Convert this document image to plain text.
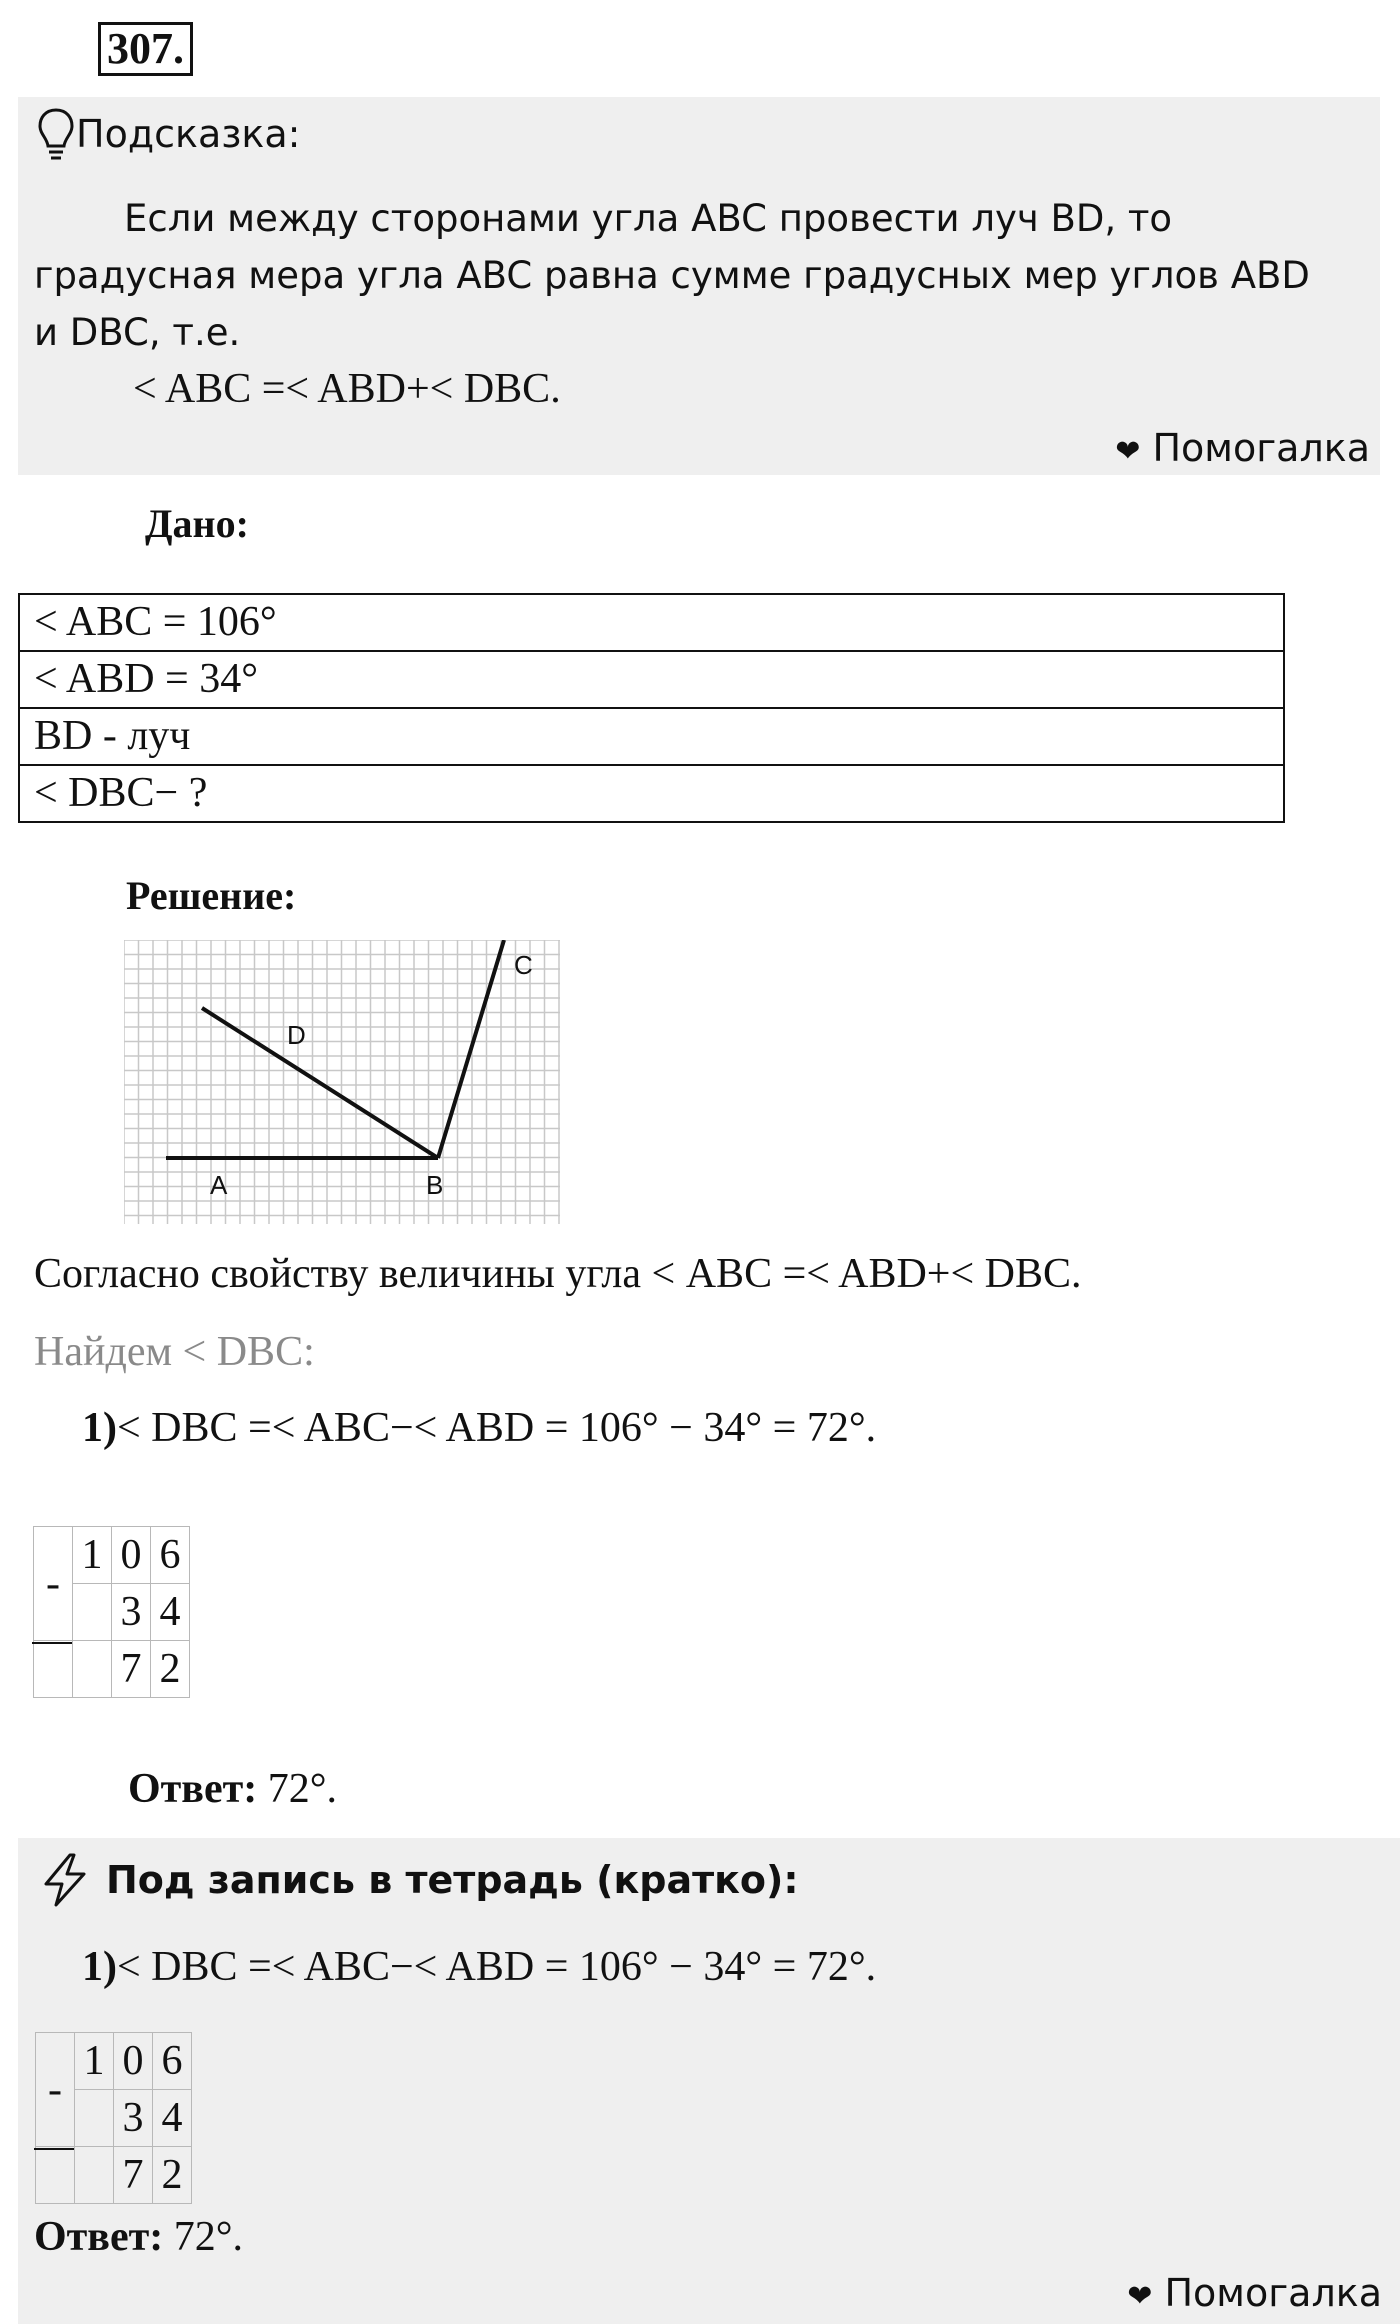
307.
Подсказка:

Если между сторонами угла ABC провести луч BD, то градусная мера угла ABC равна сумме градусных мер углов ABD и DBC, т.е.

< ABC =< ABD+< DBC.
❤ Помогалка
Дано:
< ABC = 106°
< ABD = 34°
BD - луч
< DBC− ?
Решение:
A	B
C
D
Согласно свойству величины угла < ABC =< ABD+< DBC.
Найдем < DBC:
1)< DBC =< ABC−< ABD = 106° − 34° = 72°.
-	1	0	6
		3	4
		7	2
Ответ: 72°.
Под запись в тетрадь (кратко):
1)< DBC =< ABC−< ABD = 106° − 34° = 72°.
-	1	0	6
		3	4
		7	2
Ответ: 72°.
❤ Помогалка
